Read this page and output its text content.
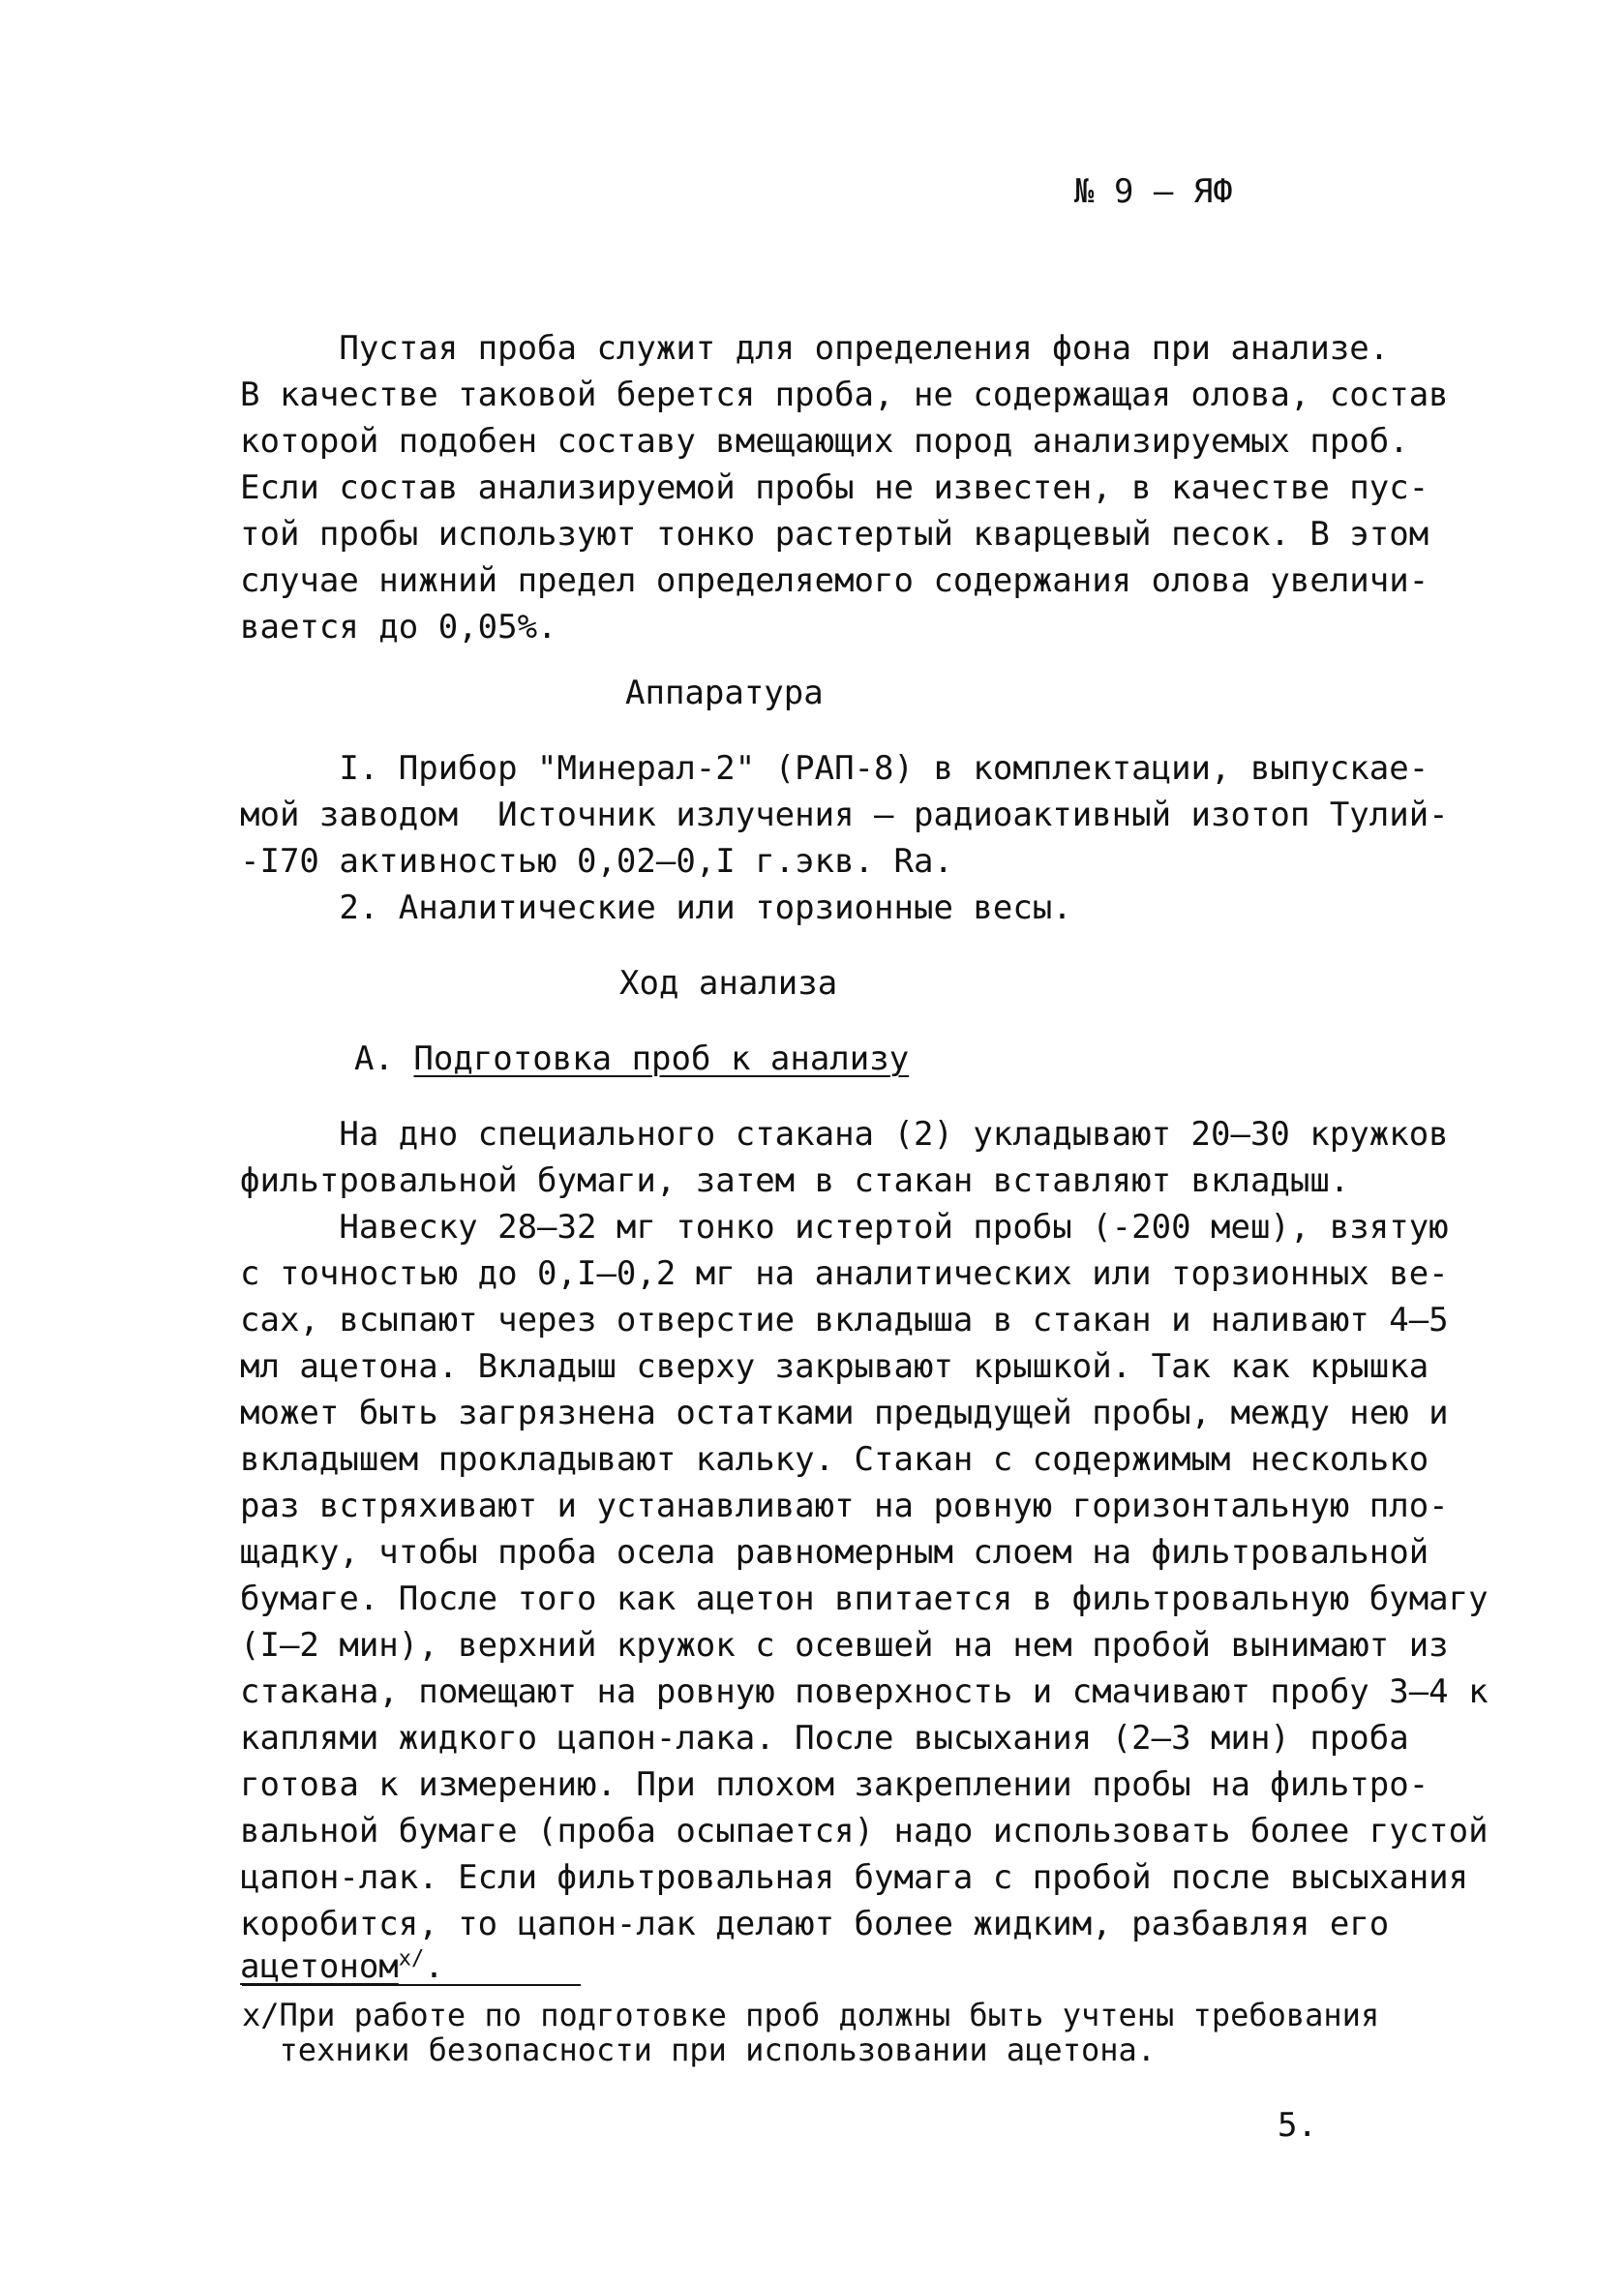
№ 9 – ЯФ
Пустая проба служит для определения фона при анализе.
В качестве таковой берется проба, не содержащая олова, состав
которой подобен составу вмещающих пород анализируемых проб.
Если состав анализируемой пробы не известен, в качестве пус-
той пробы используют тонко растертый кварцевый песок. В этом
случае нижний предел определяемого содержания олова увеличи-
вается до 0,05%.
Аппаратура
I. Прибор "Минерал-2" (РАП-8) в комплектации, выпускае-
мой заводом  Источник излучения – радиоактивный изотоп Тулий-
-I70 активностью 0,02–0,I г.экв. Ra.
2. Аналитические или торзионные весы.
Ход анализа
А. Подготовка проб к анализу
На дно специального стакана (2) укладывают 20–30 кружков
фильтровальной бумаги, затем в стакан вставляют вкладыш.
Навеску 28–32 мг тонко истертой пробы (-200 меш), взятую
с точностью до 0,I–0,2 мг на аналитических или торзионных ве-
сах, всыпают через отверстие вкладыша в стакан и наливают 4–5
мл ацетона. Вкладыш сверху закрывают крышкой. Так как крышка
может быть загрязнена остатками предыдущей пробы, между нею и
вкладышем прокладывают кальку. Стакан с содержимым несколько
раз встряхивают и устанавливают на ровную горизонтальную пло-
щадку, чтобы проба осела равномерным слоем на фильтровальной
бумаге. После того как ацетон впитается в фильтровальную бумагу
(I–2 мин), верхний кружок с осевшей на нем пробой вынимают из
стакана, помещают на ровную поверхность и смачивают пробу 3–4 к
каплями жидкого цапон-лака. После высыхания (2–3 мин) проба
готова к измерению. При плохом закреплении пробы на фильтро-
вальной бумаге (проба осыпается) надо использовать более густой
цапон-лак. Если фильтровальная бумага с пробой после высыхания
коробится, то цапон-лак делают более жидким, разбавляя его
ацетоном$^{x/}$.
x/При работе по подготовке проб должны быть учтены требования
техники безопасности при использовании ацетона.
5.
